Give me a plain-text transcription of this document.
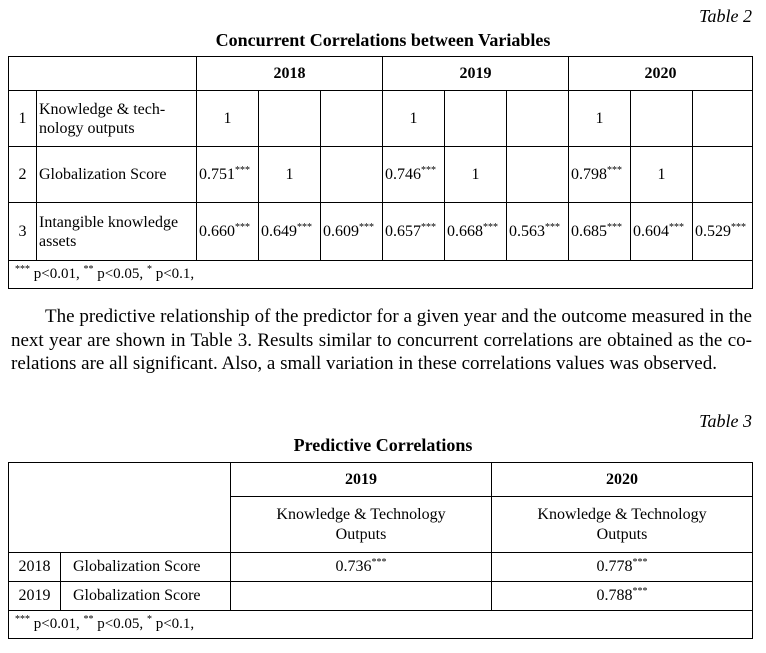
Table 2
Concurrent Correlations between Variables
		2018			2019			2020		
1	Knowledge & tech-
nology outputs	1			1			1		
2	Globalization Score	0.751***	1		0.746***	1		0.798***	1	
3	Intangible knowledge
assets	0.660***	0.649***	0.609***	0.657***	0.668***	0.563***	0.685***	0.604***	0.529***
*** p<0.01, ** p<0.05, * p<0.1,										

The predictive relationship of the predictor for a given year and the outcome measured in the next year are shown in Table 3. Results similar to concurrent correlations are obtained as the co-relations are all significant. Also, a small variation in these correlations values was observed.

Table 3
Predictive Correlations
		2019	2020
		Knowledge & Technology
Outputs	Knowledge & Technology
Outputs
2018	Globalization Score	0.736***	0.778***
2019	Globalization Score		0.788***
*** p<0.01, ** p<0.05, * p<0.1,			
